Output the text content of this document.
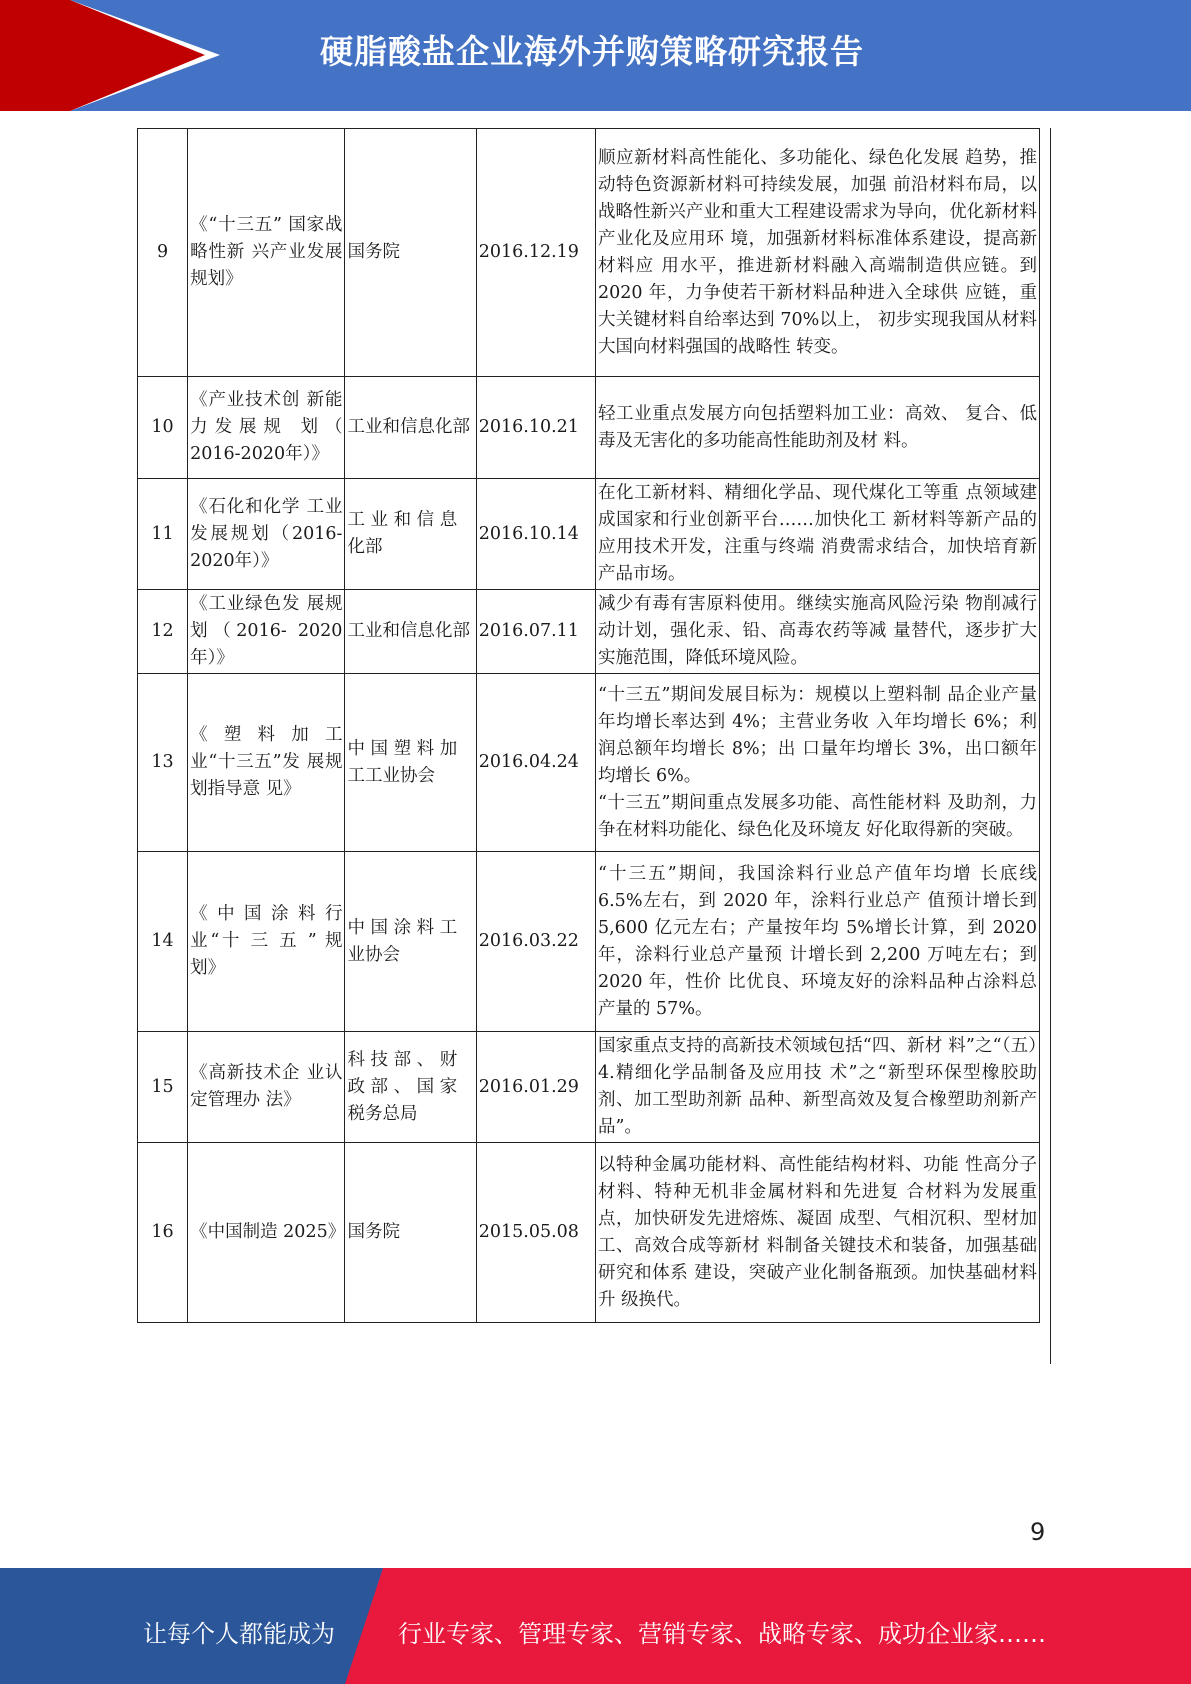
硬脂酸盐企业海外并购策略研究报告
9	《“十三五” 国家战略性新 兴产业发展规划》	国务院	2016.12.19	顺应新材料高性能化、多功能化、绿色化发展 趋势，推动特色资源新材料可持续发展，加强 前沿材料布局，以战略性新兴产业和重大工程建设需求为导向，优化新材料产业化及应用环 境，加强新材料标准体系建设，提高新材料应 用水平，推进新材料融入高端制造供应链。到 2020 年，力争使若干新材料品种进入全球供 应链，重大关键材料自给率达到 70%以上， 初步实现我国从材料大国向材料强国的战略性 转变。
10	《产业技术创 新能力发展规 划（ 2016-2020年）》	工业和信息化部	2016.10.21	轻工业重点发展方向包括塑料加工业：高效、 复合、低毒及无害化的多功能高性能助剂及材 料。
11	《石化和化学 工业发展规划（2016-2020年）》	工 业 和 信 息 化部	2016.10.14	在化工新材料、精细化学品、现代煤化工等重 点领域建成国家和行业创新平台……加快化工 新材料等新产品的应用技术开发，注重与终端 消费需求结合，加快培育新产品市场。
12	《工业绿色发 展规划（2016- 2020年）》	工业和信息化部	2016.07.11	减少有毒有害原料使用。继续实施高风险污染 物削减行动计划，强化汞、铅、高毒农药等减 量替代，逐步扩大实施范围，降低环境风险。
13	《 塑 料 加 工 业“十三五”发 展规划指导意 见》	中 国 塑 料 加工工业协会	2016.04.24	“十三五”期间发展目标为：规模以上塑料制 品企业产量年均增长率达到 4%；主营业务收 入年均增长 6%；利润总额年均增长 8%；出 口量年均增长 3%，出口额年均增长 6%。
“十三五”期间重点发展多功能、高性能材料 及助剂，力争在材料功能化、绿色化及环境友 好化取得新的突破。
14	《中国涂料行 业“十 三 五 ” 规划》	中 国 涂 料 工业协会	2016.03.22	“十三五”期间，我国涂料行业总产值年均增 长底线 6.5%左右，到 2020 年，涂料行业总产 值预计增长到 5,600 亿元左右；产量按年均 5%增长计算，到 2020 年，涂料行业总产量预 计增长到 2,200 万吨左右；到 2020 年，性价 比优良、环境友好的涂料品种占涂料总产量的 57%。
15	《高新技术企 业认定管理办 法》	科 技 部 、 财政 部 、 国 家税务总局	2016.01.29	国家重点支持的高新技术领域包括“四、新材 料”之“（五）4.精细化学品制备及应用技 术”之“新型环保型橡胶助剂、加工型助剂新 品种、新型高效及复合橡塑助剂新产品”。
16	《中国制造 2025》	国务院	2015.05.08	以特种金属功能材料、高性能结构材料、功能 性高分子材料、特种无机非金属材料和先进复 合材料为发展重点，加快研发先进熔炼、凝固 成型、气相沉积、型材加工、高效合成等新材 料制备关键技术和装备，加强基础研究和体系 建设，突破产业化制备瓶颈。加快基础材料升 级换代。
9
让每个人都能成为	行业专家、管理专家、营销专家、战略专家、成功企业家……
